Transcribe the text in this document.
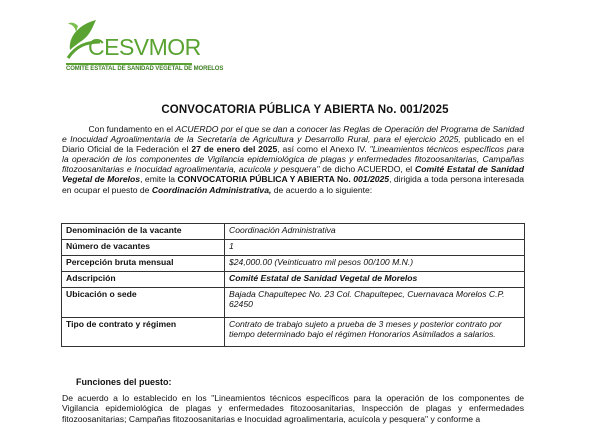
CESVMOR
COMITÉ ESTATAL DE SANIDAD VEGETAL DE MORELOS
CONVOCATORIA PÚBLICA Y ABIERTA No. 001/2025

Con fundamento en el ACUERDO por el que se dan a conocer las Reglas de Operación del Programa de Sanidad e Inocuidad Agroalimentaria de la Secretaría de Agricultura y Desarrollo Rural, para el ejercicio 2025, publicado en el Diario Oficial de la Federación el 27 de enero del 2025, así como el Anexo IV. "Lineamientos técnicos específicos para la operación de los componentes de Vigilancia epidemiológica de plagas y enfermedades fitozoosanitarias, Campañas fitozoosanitarias e Inocuidad agroalimentaria, acuícola y pesquera" de dicho ACUERDO, el Comité Estatal de Sanidad Vegetal de Morelos, emite la CONVOCATORIA PÚBLICA Y ABIERTA No. 001/2025, dirigida a toda persona interesada en ocupar el puesto de Coordinación Administrativa, de acuerdo a lo siguiente:

Denominación de la vacante	Coordinación Administrativa
Número de vacantes	1
Percepción bruta mensual	$24,000.00 (Veinticuatro mil pesos 00/100 M.N.)
Adscripción	Comité Estatal de Sanidad Vegetal de Morelos
Ubicación o sede	Bajada Chapultepec No. 23 Col. Chapultepec, Cuernavaca Morelos C.P. 62450
Tipo de contrato y régimen	Contrato de trabajo sujeto a prueba de 3 meses y posterior contrato por tiempo determinado bajo el régimen Honorarios Asimilados a salarios.
Funciones del puesto:

De acuerdo a lo establecido en los "Lineamientos técnicos específicos para la operación de los componentes de Vigilancia epidemiológica de plagas y enfermedades fitozoosanitarias, Inspección de plagas y enfermedades fitozoosanitarias; Campañas fitozoosanitarias e Inocuidad agroalimentaria, acuícola y pesquera" y conforme a
